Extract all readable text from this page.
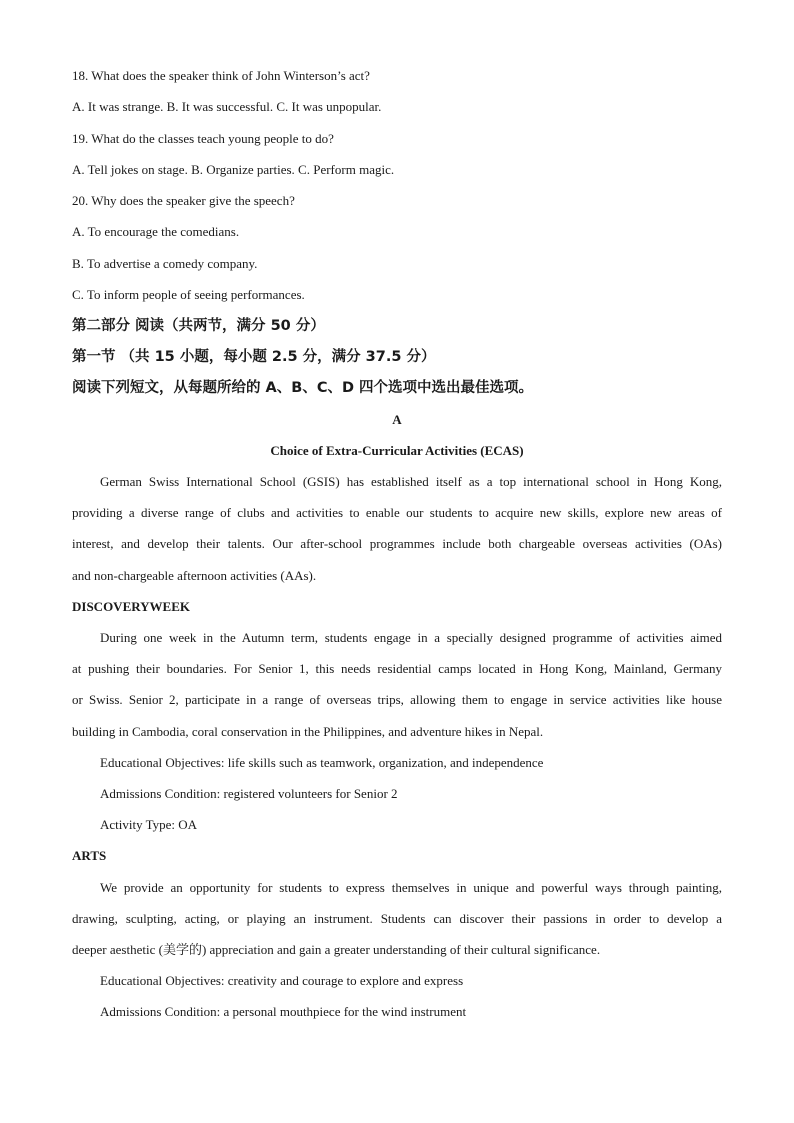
18. What does the speaker think of John Winterson’s act?
A. It was strange. B. It was successful. C. It was unpopular.
19. What do the classes teach young people to do?
A. Tell jokes on stage. B. Organize parties. C. Perform magic.
20. Why does the speaker give the speech?
A. To encourage the comedians.
B. To advertise a comedy company.
C. To inform people of seeing performances.
第二部分 阅读（共两节，满分 50 分）
第一节 （共 15 小题，每小题 2.5 分，满分 37.5 分）
阅读下列短文，从每题所给的 A、B、C、D 四个选项中选出最佳选项。
A
Choice of Extra-Curricular Activities (ECAS)
German Swiss International School (GSIS) has established itself as a top international school in Hong Kong,
providing a diverse range of clubs and activities to enable our students to acquire new skills, explore new areas of
interest, and develop their talents. Our after-school programmes include both chargeable overseas activities (OAs)
and non-chargeable afternoon activities (AAs).
DISCOVERYWEEK
During one week in the Autumn term, students engage in a specially designed programme of activities aimed
at pushing their boundaries. For Senior 1, this needs residential camps located in Hong Kong, Mainland, Germany
or Swiss. Senior 2, participate in a range of overseas trips, allowing them to engage in service activities like house
building in Cambodia, coral conservation in the Philippines, and adventure hikes in Nepal.
Educational Objectives: life skills such as teamwork, organization, and independence
Admissions Condition: registered volunteers for Senior 2
Activity Type: OA
ARTS
We provide an opportunity for students to express themselves in unique and powerful ways through painting,
drawing, sculpting, acting, or playing an instrument. Students can discover their passions in order to develop a
deeper aesthetic (美学的) appreciation and gain a greater understanding of their cultural significance.
Educational Objectives: creativity and courage to explore and express
Admissions Condition: a personal mouthpiece for the wind instrument
